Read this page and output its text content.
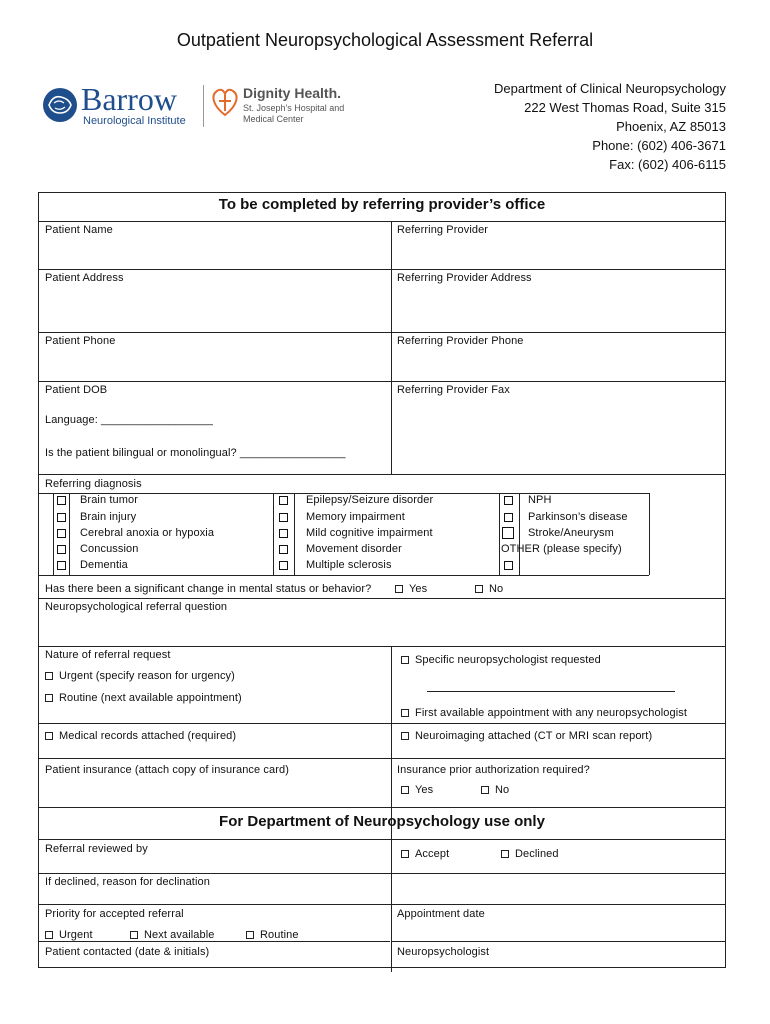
Outpatient Neuropsychological Assessment Referral
Barrow
Neurological Institute
Dignity Health.
St. Joseph's Hospital and
Medical Center
Department of Clinical Neuropsychology
222 West Thomas Road, Suite 315
Phoenix, AZ 85013
Phone: (602) 406-3671
Fax: (602) 406-6115
To be completed by referring provider’s office
Patient Name	Referring Provider
Patient Address	Referring Provider Address
Patient Phone	Referring Provider Phone
Patient DOB	Referring Provider Fax
Language: __________________
Is the patient bilingual or monolingual? _________________
Referring diagnosis
Brain tumor
Brain injury
Cerebral anoxia or hypoxia
Concussion
Dementia
Epilepsy/Seizure disorder
Memory impairment
Mild cognitive impairment
Movement disorder
Multiple sclerosis
NPH
Parkinson’s disease
Stroke/Aneurysm
OTHER (please specify)
Has there been a significant change in mental status or behavior?	Yes	No
Neuropsychological referral question
Nature of referral request
Urgent (specify reason for urgency)
Routine (next available appointment)
Specific neuropsychologist requested
First available appointment with any neuropsychologist
Medical records attached (required)	Neuroimaging attached (CT or MRI scan report)
Patient insurance (attach copy of insurance card)	Insurance prior authorization required?
Yes	No
For Department of Neuropsychology use only
Referral reviewed by	Accept	Declined
If declined, reason for declination
Priority for accepted referral	Appointment date
Urgent	Next available	Routine
Patient contacted (date & initials)	Neuropsychologist
